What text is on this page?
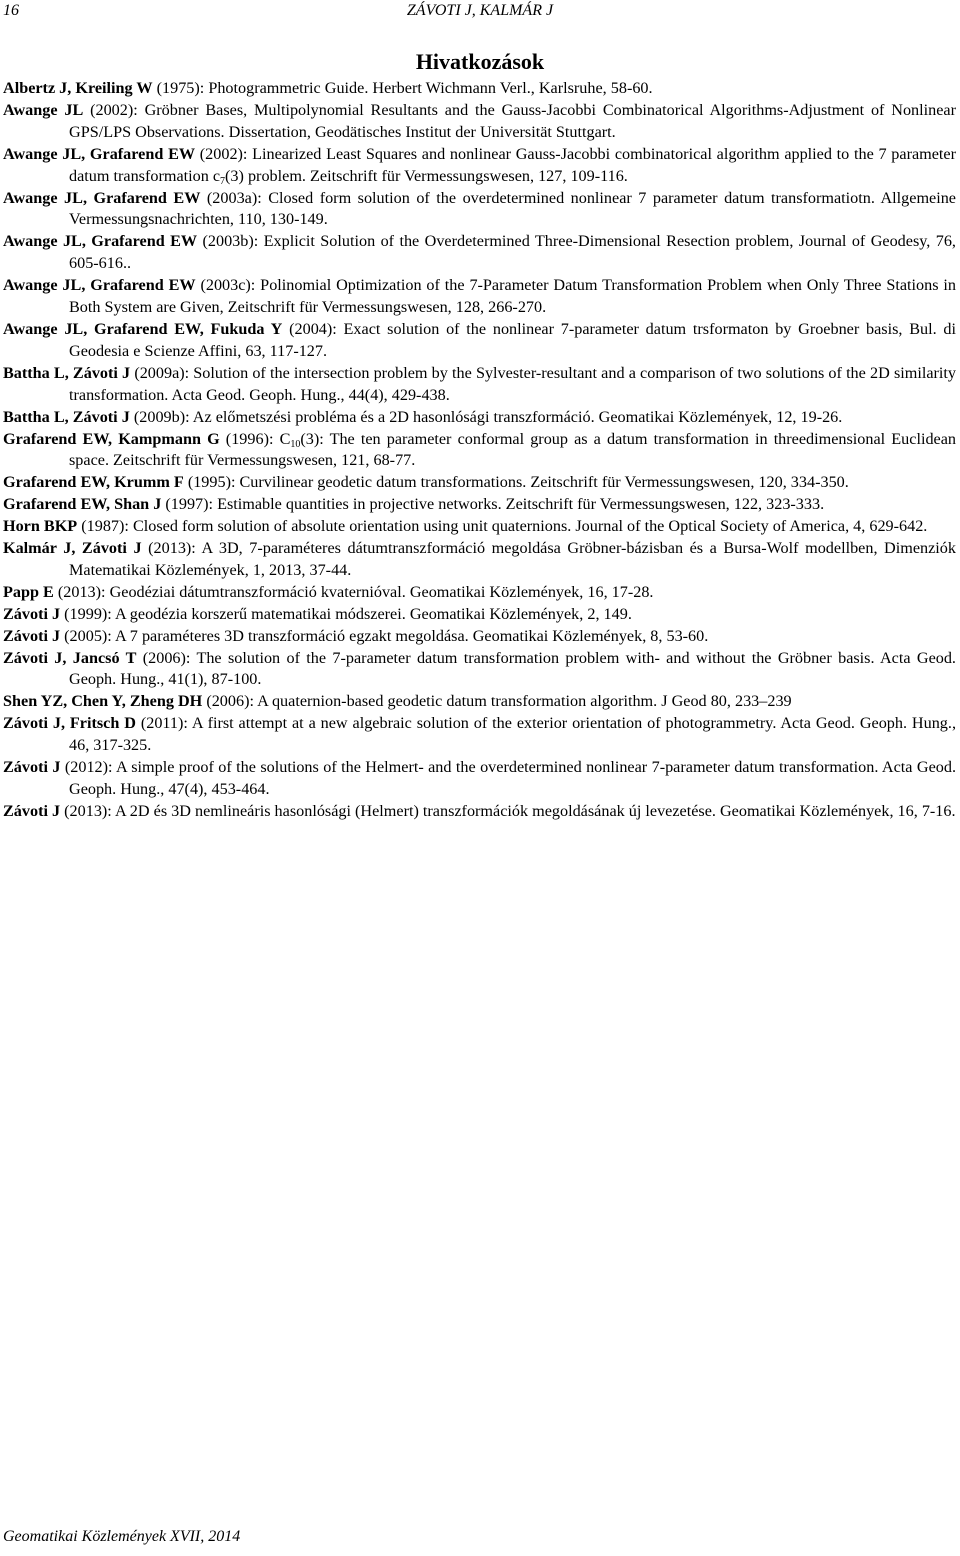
16	ZÁVOTI J, KALMÁR J
Hivatkozások
Albertz J, Kreiling W (1975): Photogrammetric Guide. Herbert Wichmann Verl., Karlsruhe, 58-60.
Awange JL (2002): Gröbner Bases, Multipolynomial Resultants and the Gauss-Jacobbi Combinatorical Algorithms-Adjustment of Nonlinear GPS/LPS Observations. Dissertation, Geodätisches Institut der Universität Stuttgart.
Awange JL, Grafarend EW (2002): Linearized Least Squares and nonlinear Gauss-Jacobbi combinatorical algorithm applied to the 7 parameter datum transformation $c_7(3)$ problem. Zeitschrift für Vermessungswesen, 127, 109-116.
Awange JL, Grafarend EW (2003a): Closed form solution of the overdetermined nonlinear 7 parameter datum transformatiotn. Allgemeine Vermessungsnachrichten, 110, 130-149.
Awange JL, Grafarend EW (2003b): Explicit Solution of the Overdetermined Three-Dimensional Resection problem, Journal of Geodesy, 76, 605-616..
Awange JL, Grafarend EW (2003c): Polinomial Optimization of the 7-Parameter Datum Transformation Problem when Only Three Stations in Both System are Given, Zeitschrift für Vermessungswesen, 128, 266-270.
Awange JL, Grafarend EW, Fukuda Y (2004): Exact solution of the nonlinear 7-parameter datum trsformaton by Groebner basis, Bul. di Geodesia e Scienze Affini, 63, 117-127.
Battha L, Závoti J (2009a): Solution of the intersection problem by the Sylvester-resultant and a comparison of two solutions of the 2D similarity transformation. Acta Geod. Geoph. Hung., 44(4), 429-438.
Battha L, Závoti J (2009b): Az előmetszési probléma és a 2D hasonlósági transzformáció. Geomatikai Közlemények, 12, 19-26.
Grafarend EW, Kampmann G (1996): $C_{10}(3)$: The ten parameter conformal group as a datum transformation in threedimensional Euclidean space. Zeitschrift für Vermessungswesen, 121, 68-77.
Grafarend EW, Krumm F (1995): Curvilinear geodetic datum transformations. Zeitschrift für Vermessungswesen, 120, 334-350.
Grafarend EW, Shan J (1997): Estimable quantities in projective networks. Zeitschrift für Vermessungswesen, 122, 323-333.
Horn BKP (1987): Closed form solution of absolute orientation using unit quaternions. Journal of the Optical Society of America, 4, 629-642.
Kalmár J, Závoti J (2013): A 3D, 7-paraméteres dátumtranszformáció megoldása Gröbner-bázisban és a Bursa-Wolf modellben, Dimenziók Matematikai Közlemények, 1, 2013, 37-44.
Papp E (2013): Geodéziai dátumtranszformáció kvaternióval. Geomatikai Közlemények, 16, 17-28.
Závoti J (1999): A geodézia korszerű matematikai módszerei. Geomatikai Közlemények, 2, 149.
Závoti J (2005): A 7 paraméteres 3D transzformáció egzakt megoldása. Geomatikai Közlemények, 8, 53-60.
Závoti J, Jancsó T (2006): The solution of the 7-parameter datum transformation problem with- and without the Gröbner basis. Acta Geod. Geoph. Hung., 41(1), 87-100.
Shen YZ, Chen Y, Zheng DH (2006): A quaternion-based geodetic datum transformation algorithm. J Geod 80, 233–239
Závoti J, Fritsch D (2011): A first attempt at a new algebraic solution of the exterior orientation of photogrammetry. Acta Geod. Geoph. Hung., 46, 317-325.
Závoti J (2012): A simple proof of the solutions of the Helmert- and the overdetermined nonlinear 7-parameter datum transformation. Acta Geod. Geoph. Hung., 47(4), 453-464.
Závoti J (2013): A 2D és 3D nemlineáris hasonlósági (Helmert) transzformációk megoldásának új levezetése. Geomatikai Közlemények, 16, 7-16.
Geomatikai Közlemények XVII, 2014
